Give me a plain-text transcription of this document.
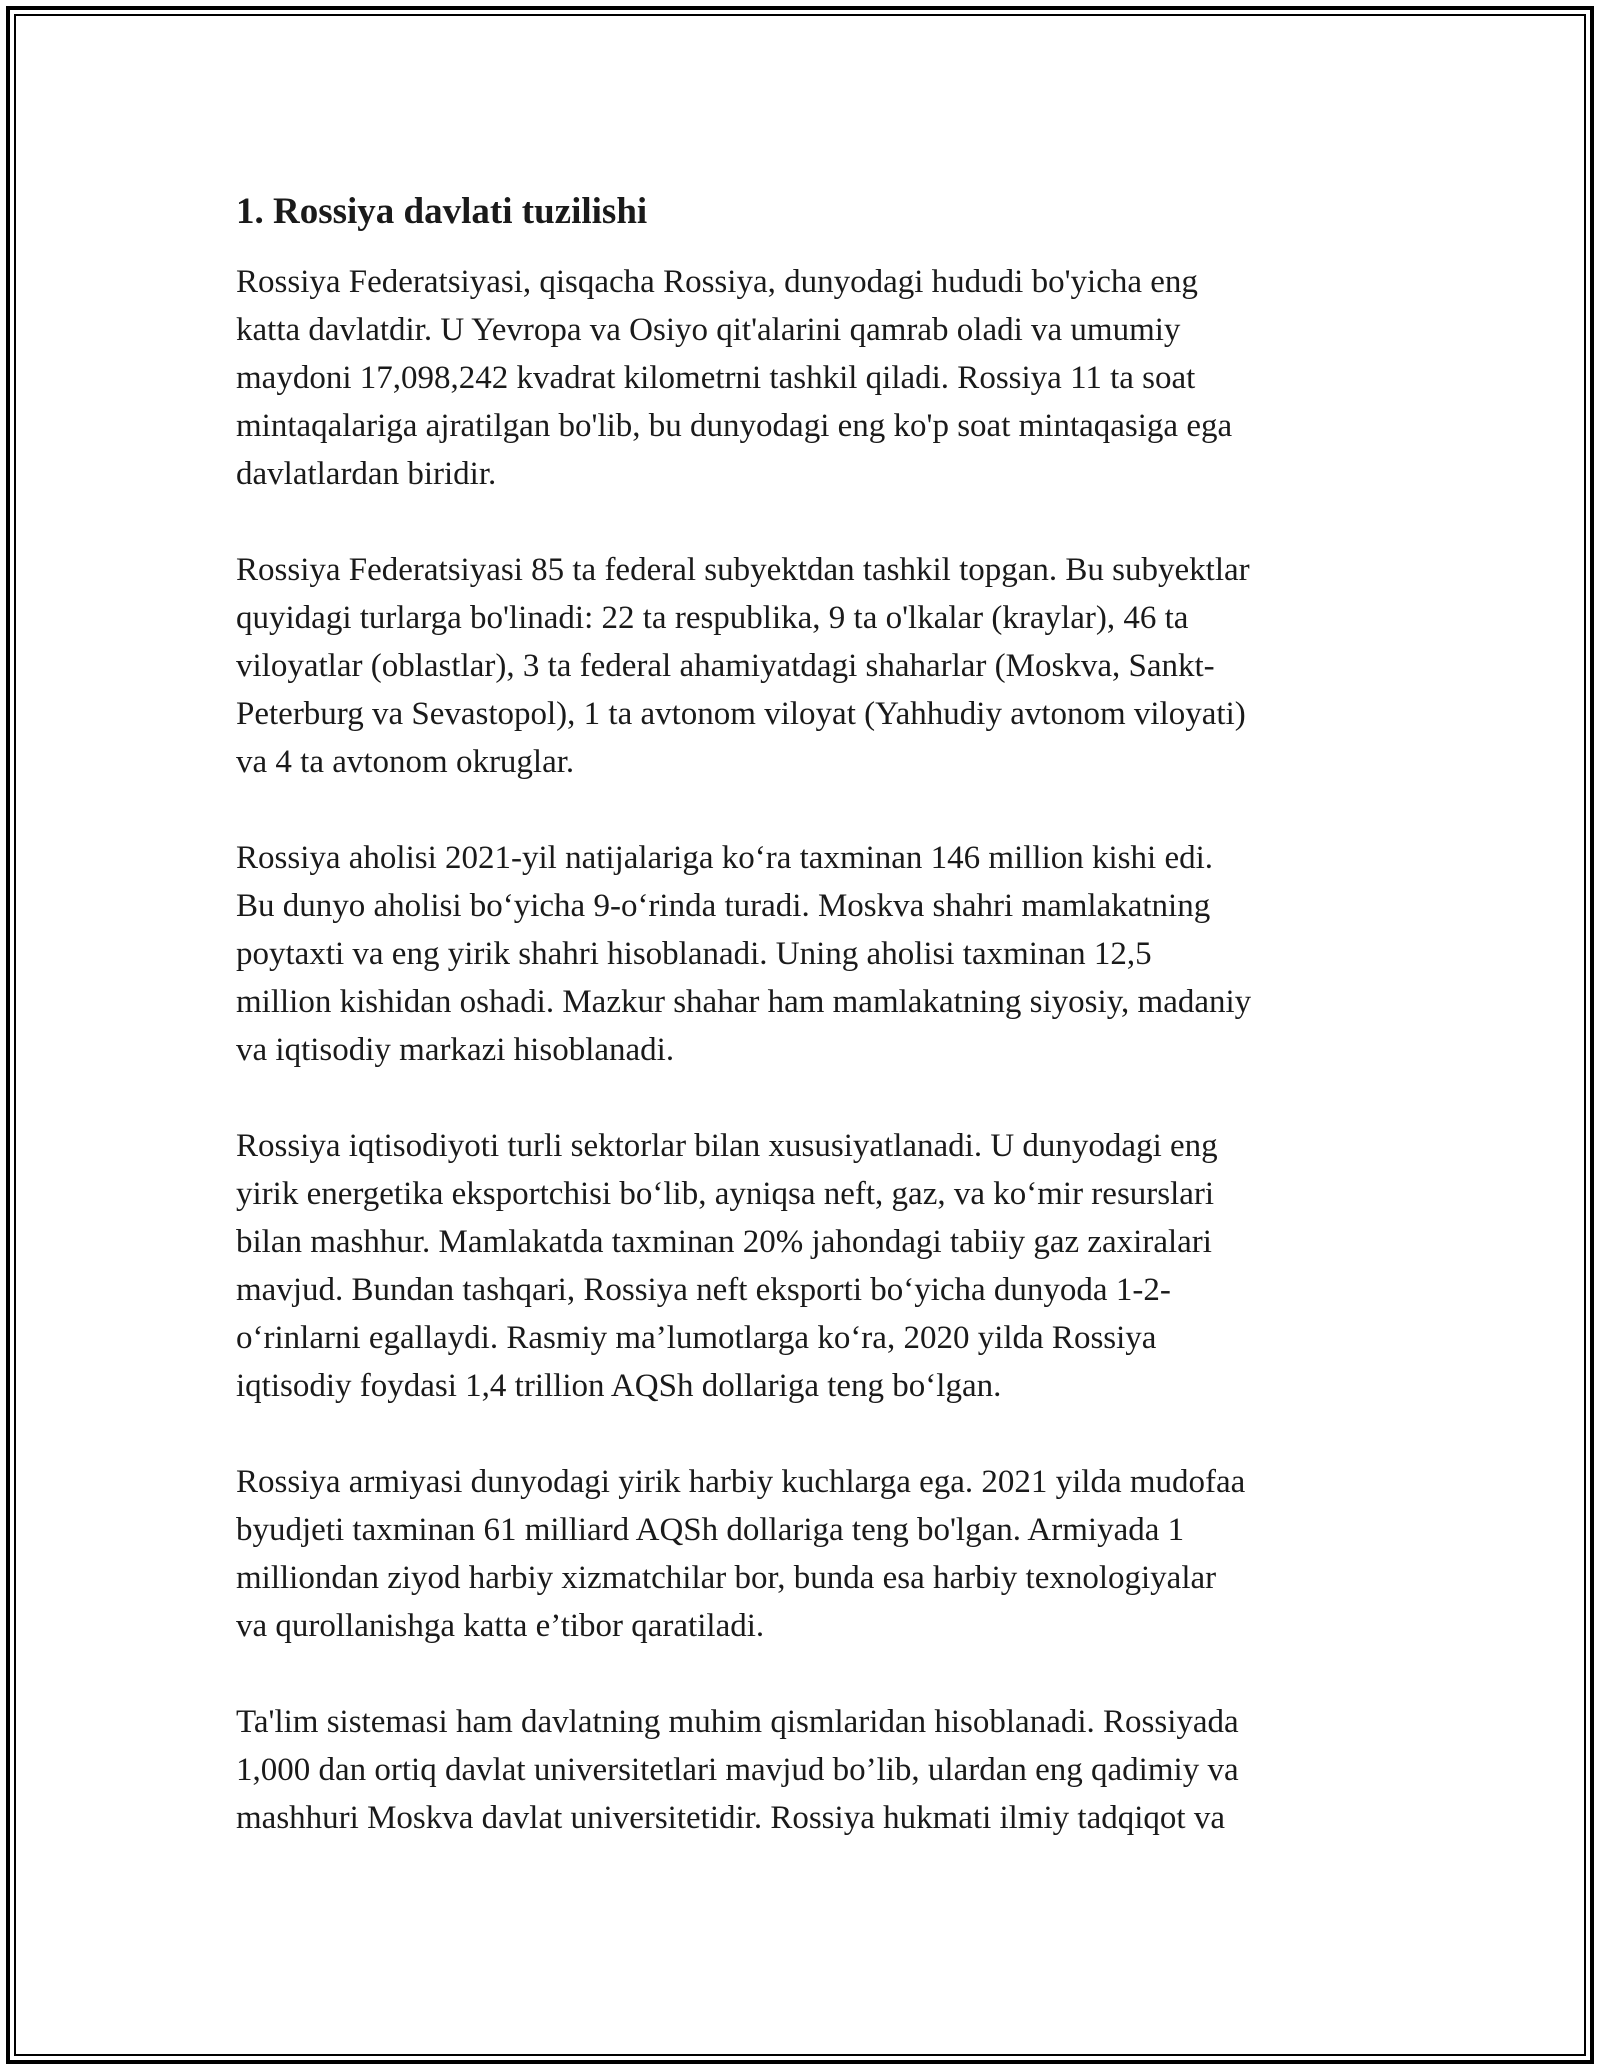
1. Rossiya davlati tuzilishi

Rossiya Federatsiyasi, qisqacha Rossiya, dunyodagi hududi bo'yicha eng
katta davlatdir. U Yevropa va Osiyo qit'alarini qamrab oladi va umumiy
maydoni 17,098,242 kvadrat kilometrni tashkil qiladi. Rossiya 11 ta soat
mintaqalariga ajratilgan bo'lib, bu dunyodagi eng ko'p soat mintaqasiga ega
davlatlardan biridir.

Rossiya Federatsiyasi 85 ta federal subyektdan tashkil topgan. Bu subyektlar
quyidagi turlarga bo'linadi: 22 ta respublika, 9 ta o'lkalar (kraylar), 46 ta
viloyatlar (oblastlar), 3 ta federal ahamiyatdagi shaharlar (Moskva, Sankt-
Peterburg va Sevastopol), 1 ta avtonom viloyat (Yahhudiy avtonom viloyati)
va 4 ta avtonom okruglar.

Rossiya aholisi 2021-yil natijalariga ko‘ra taxminan 146 million kishi edi.
Bu dunyo aholisi bo‘yicha 9-o‘rinda turadi. Moskva shahri mamlakatning
poytaxti va eng yirik shahri hisoblanadi. Uning aholisi taxminan 12,5
million kishidan oshadi. Mazkur shahar ham mamlakatning siyosiy, madaniy
va iqtisodiy markazi hisoblanadi.

Rossiya iqtisodiyoti turli sektorlar bilan xususiyatlanadi. U dunyodagi eng
yirik energetika eksportchisi bo‘lib, ayniqsa neft, gaz, va ko‘mir resurslari
bilan mashhur. Mamlakatda taxminan 20% jahondagi tabiiy gaz zaxiralari
mavjud. Bundan tashqari, Rossiya neft eksporti bo‘yicha dunyoda 1-2-
o‘rinlarni egallaydi. Rasmiy ma’lumotlarga ko‘ra, 2020 yilda Rossiya
iqtisodiy foydasi 1,4 trillion AQSh dollariga teng bo‘lgan.

Rossiya armiyasi dunyodagi yirik harbiy kuchlarga ega. 2021 yilda mudofaa
byudjeti taxminan 61 milliard AQSh dollariga teng bo'lgan. Armiyada 1
milliondan ziyod harbiy xizmatchilar bor, bunda esa harbiy texnologiyalar
va qurollanishga katta e’tibor qaratiladi.

Ta'lim sistemasi ham davlatning muhim qismlaridan hisoblanadi. Rossiyada
1,000 dan ortiq davlat universitetlari mavjud bo’lib, ulardan eng qadimiy va
mashhuri Moskva davlat universitetidir. Rossiya hukmati ilmiy tadqiqot va
